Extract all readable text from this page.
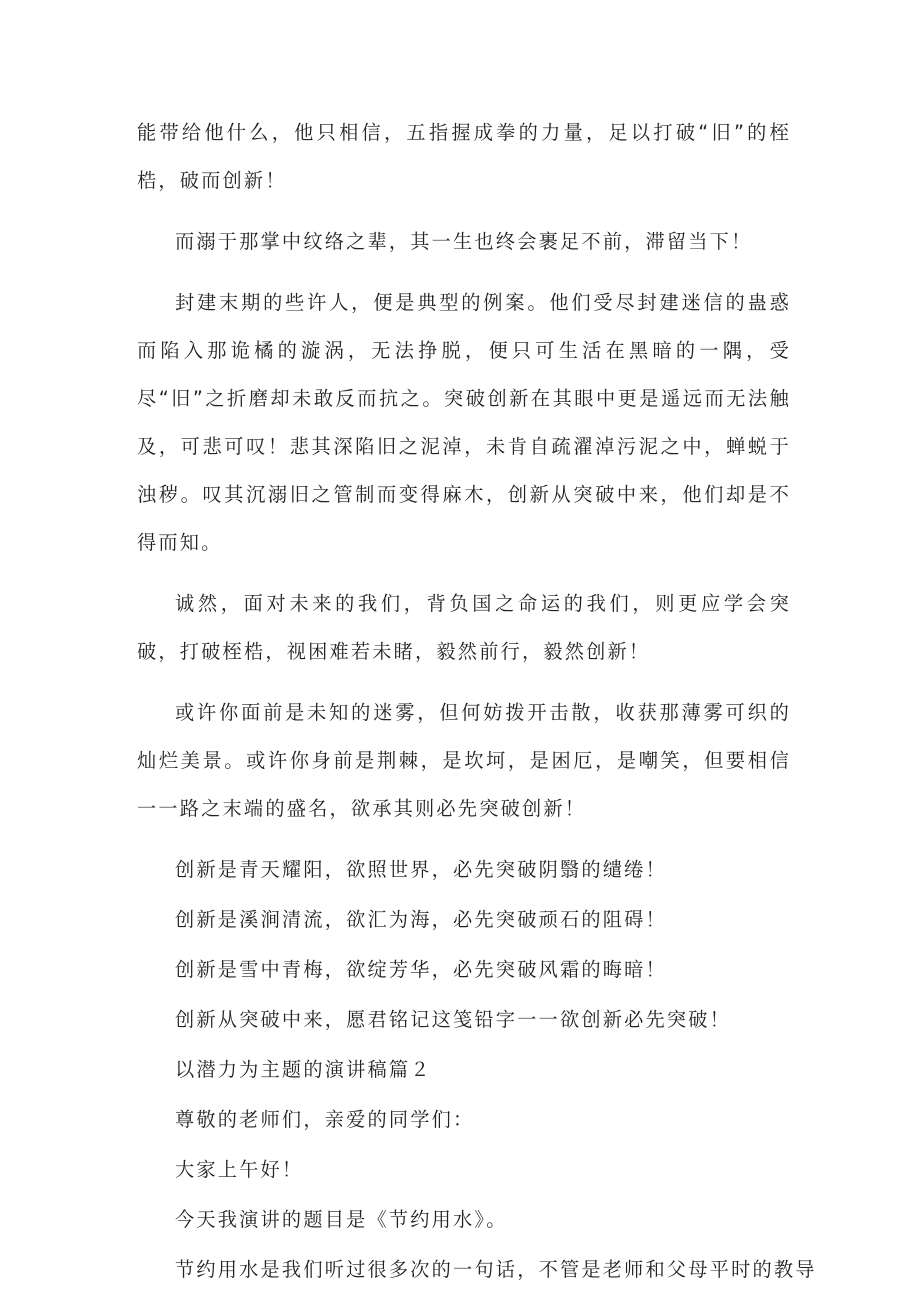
能带给他什么，他只相信，五指握成拳的力量，足以打破“旧”的桎梏，破而创新！

而溺于那掌中纹络之辈，其一生也终会裹足不前，滞留当下！

封建末期的些许人，便是典型的例案。他们受尽封建迷信的蛊惑而陷入那诡橘的漩涡，无法挣脱，便只可生活在黑暗的一隅，受尽“旧”之折磨却未敢反而抗之。突破创新在其眼中更是遥远而无法触及，可悲可叹！悲其深陷旧之泥淖，未肯自疏濯淖污泥之中，蝉蜕于浊秽。叹其沉溺旧之管制而变得麻木，创新从突破中来，他们却是不得而知。

诚然，面对未来的我们，背负国之命运的我们，则更应学会突破，打破桎梏，视困难若未睹，毅然前行，毅然创新！

或许你面前是未知的迷雾，但何妨拨开击散，收获那薄雾可织的灿烂美景。或许你身前是荆棘，是坎坷，是困厄，是嘲笑，但要相信一一路之末端的盛名，欲承其则必先突破创新！

创新是青天耀阳，欲照世界，必先突破阴翳的缱绻！
创新是溪涧清流，欲汇为海，必先突破顽石的阻碍！
创新是雪中青梅，欲绽芳华，必先突破风霜的晦暗！
创新从突破中来，愿君铭记这笺铅字一一欲创新必先突破！
以潜力为主题的演讲稿篇２
尊敬的老师们，亲爱的同学们：
大家上午好！
今天我演讲的题目是《节约用水》。
节约用水是我们听过很多次的一句话，不管是老师和父母平时的教导
